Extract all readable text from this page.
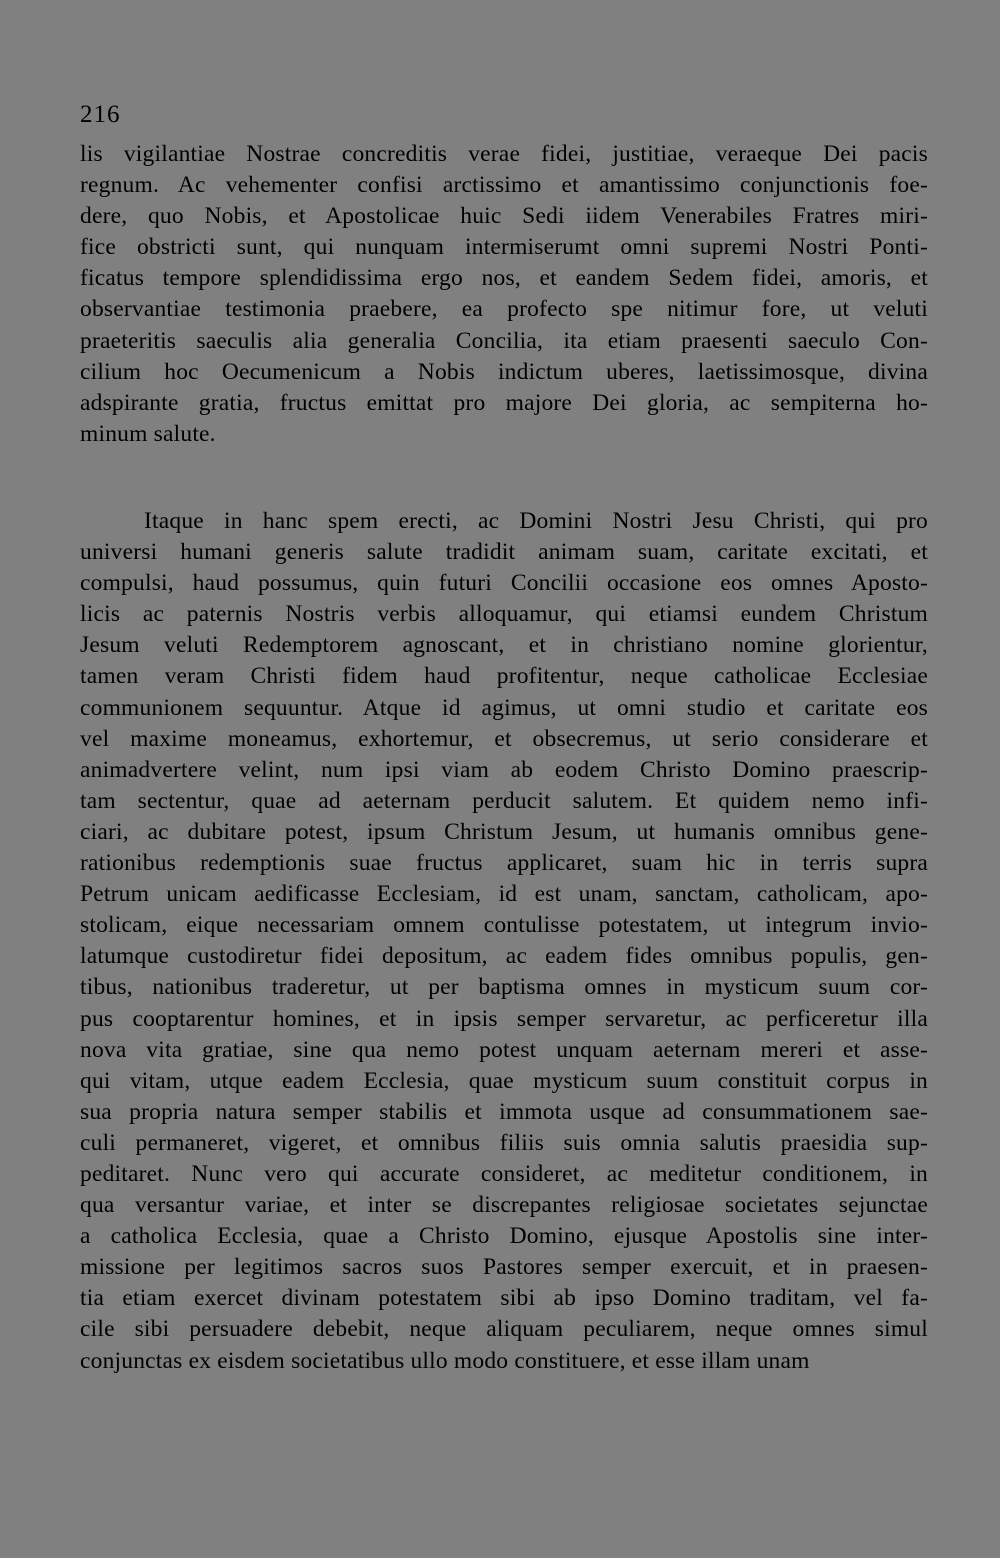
216
lis vigilantiae Nostrae concreditis verae fidei, justitiae, veraeque Dei pacis
regnum. Ac vehementer confisi arctissimo et amantissimo conjunctionis foe-
dere, quo Nobis, et Apostolicae huic Sedi iidem Venerabiles Fratres miri-
fice obstricti sunt, qui nunquam intermiserumt omni supremi Nostri Ponti-
ficatus tempore splendidissima ergo nos, et eandem Sedem fidei, amoris, et
observantiae testimonia praebere, ea profecto spe nitimur fore, ut veluti
praeteritis saeculis alia generalia Concilia, ita etiam praesenti saeculo Con-
cilium hoc Oecumenicum a Nobis indictum uberes, laetissimosque, divina
adspirante gratia, fructus emittat pro majore Dei gloria, ac sempiterna ho-
minum salute.
Itaque in hanc spem erecti, ac Domini Nostri Jesu Christi, qui pro
universi humani generis salute tradidit animam suam, caritate excitati, et
compulsi, haud possumus, quin futuri Concilii occasione eos omnes Aposto-
licis ac paternis Nostris verbis alloquamur, qui etiamsi eundem Christum
Jesum veluti Redemptorem agnoscant, et in christiano nomine glorientur,
tamen veram Christi fidem haud profitentur, neque catholicae Ecclesiae
communionem sequuntur. Atque id agimus, ut omni studio et caritate eos
vel maxime moneamus, exhortemur, et obsecremus, ut serio considerare et
animadvertere velint, num ipsi viam ab eodem Christo Domino praescrip-
tam sectentur, quae ad aeternam perducit salutem. Et quidem nemo infi-
ciari, ac dubitare potest, ipsum Christum Jesum, ut humanis omnibus gene-
rationibus redemptionis suae fructus applicaret, suam hic in terris supra
Petrum unicam aedificasse Ecclesiam, id est unam, sanctam, catholicam, apo-
stolicam, eique necessariam omnem contulisse potestatem, ut integrum invio-
latumque custodiretur fidei depositum, ac eadem fides omnibus populis, gen-
tibus, nationibus traderetur, ut per baptisma omnes in mysticum suum cor-
pus cooptarentur homines, et in ipsis semper servaretur, ac perficeretur illa
nova vita gratiae, sine qua nemo potest unquam aeternam mereri et asse-
qui vitam, utque eadem Ecclesia, quae mysticum suum constituit corpus in
sua propria natura semper stabilis et immota usque ad consummationem sae-
culi permaneret, vigeret, et omnibus filiis suis omnia salutis praesidia sup-
peditaret. Nunc vero qui accurate consideret, ac meditetur conditionem, in
qua versantur variae, et inter se discrepantes religiosae societates sejunctae
a catholica Ecclesia, quae a Christo Domino, ejusque Apostolis sine inter-
missione per legitimos sacros suos Pastores semper exercuit, et in praesen-
tia etiam exercet divinam potestatem sibi ab ipso Domino traditam, vel fa-
cile sibi persuadere debebit, neque aliquam peculiarem, neque omnes simul
conjunctas ex eisdem societatibus ullo modo constituere, et esse illam unam
